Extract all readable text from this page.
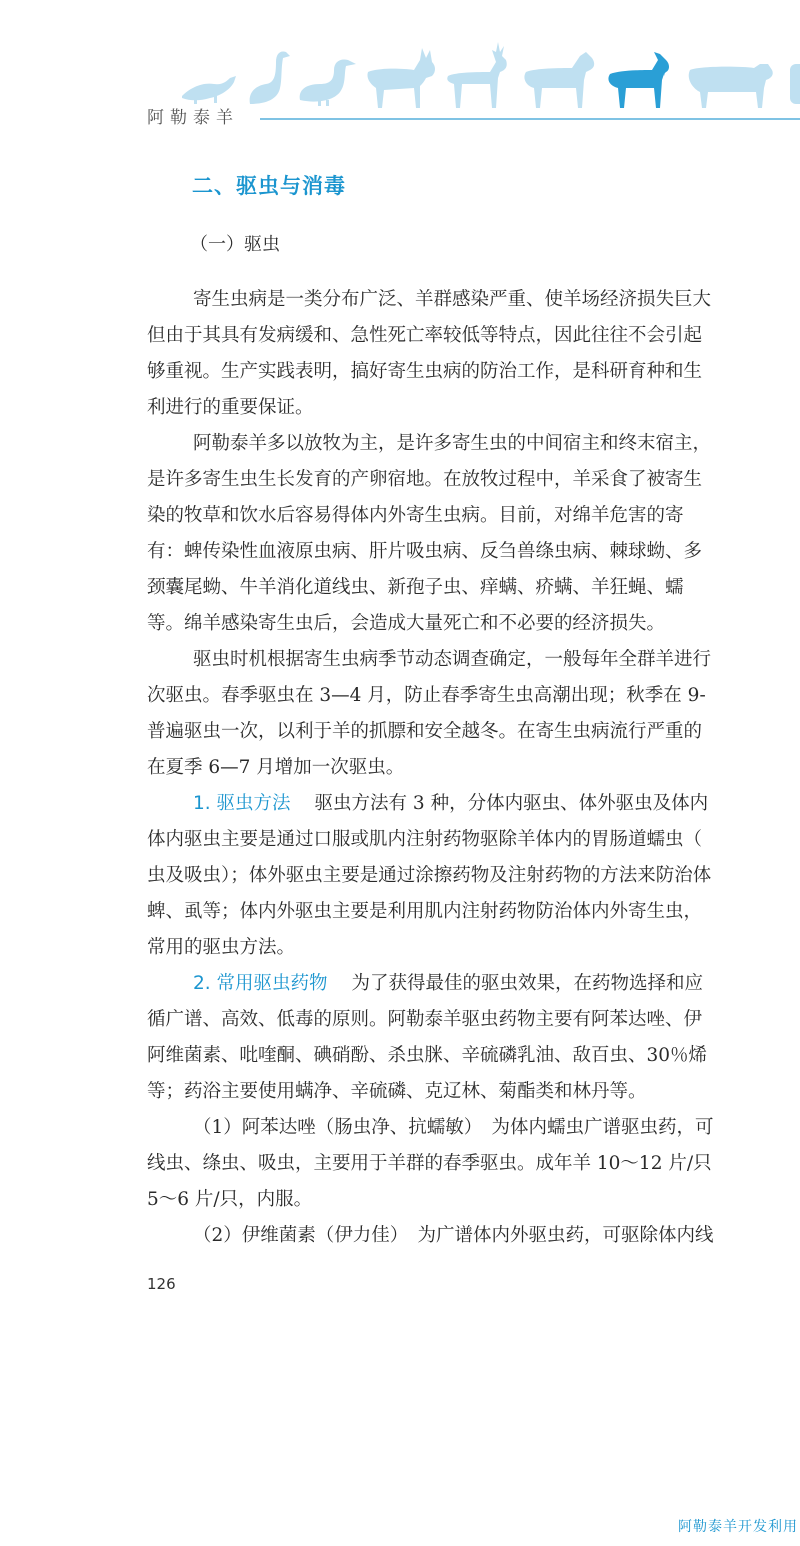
阿勒泰羊
二、驱虫与消毒
（一）驱虫
寄生虫病是一类分布广泛、羊群感染严重、使羊场经济损失巨大
但由于其具有发病缓和、急性死亡率较低等特点，因此往往不会引起
够重视。生产实践表明，搞好寄生虫病的防治工作，是科研育种和生
利进行的重要保证。
阿勒泰羊多以放牧为主，是许多寄生虫的中间宿主和终末宿主，
是许多寄生虫生长发育的产卵宿地。在放牧过程中，羊采食了被寄生
染的牧草和饮水后容易得体内外寄生虫病。目前，对绵羊危害的寄
有：蜱传染性血液原虫病、肝片吸虫病、反刍兽绦虫病、棘球蚴、多
颈囊尾蚴、牛羊消化道线虫、新孢子虫、痒螨、疥螨、羊狂蝇、蠕
等。绵羊感染寄生虫后，会造成大量死亡和不必要的经济损失。
驱虫时机根据寄生虫病季节动态调查确定，一般每年全群羊进行
次驱虫。春季驱虫在 3—4 月，防止春季寄生虫高潮出现；秋季在 9-
普遍驱虫一次，以利于羊的抓膘和安全越冬。在寄生虫病流行严重的
在夏季 6—7 月增加一次驱虫。
1. 驱虫方法 驱虫方法有 3 种，分体内驱虫、体外驱虫及体内
体内驱虫主要是通过口服或肌内注射药物驱除羊体内的胃肠道蠕虫（
虫及吸虫）；体外驱虫主要是通过涂擦药物及注射药物的方法来防治体
蜱、虱等；体内外驱虫主要是利用肌内注射药物防治体内外寄生虫，
常用的驱虫方法。
2. 常用驱虫药物 为了获得最佳的驱虫效果，在药物选择和应
循广谱、高效、低毒的原则。阿勒泰羊驱虫药物主要有阿苯达唑、伊
阿维菌素、吡喹酮、碘硝酚、杀虫脒、辛硫磷乳油、敌百虫、30％烯
等；药浴主要使用螨净、辛硫磷、克辽林、菊酯类和林丹等。
（1）阿苯达唑（肠虫净、抗蠕敏）　为体内蠕虫广谱驱虫药，可
线虫、绦虫、吸虫，主要用于羊群的春季驱虫。成年羊 10～12 片/只
5～6 片/只，内服。
（2）伊维菌素（伊力佳）　为广谱体内外驱虫药，可驱除体内线
126
阿勒泰羊开发利用
